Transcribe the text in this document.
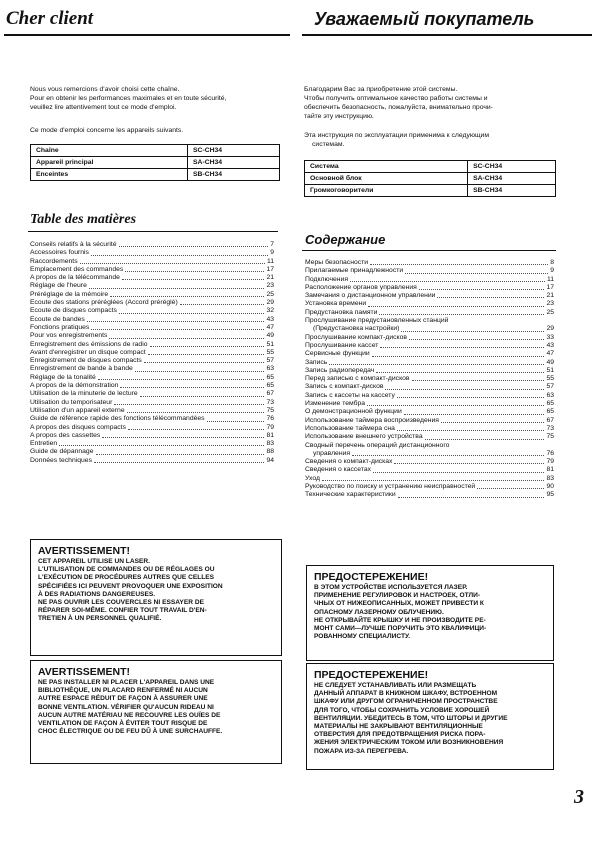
Cher client
Nous vous remercions d'avoir choisi cette chaîne.
Pour en obtenir les performances maximales et en toute sécurité,
veuillez lire attentivement tout ce mode d'emploi.
Ce mode d'emploi concerne les appareils suivants.
Chaîne	SC-CH34
Appareil principal	SA-CH34
Enceintes	SB-CH34
Table des matières
Conseils relatifs à la sécurité	7
Accessoires fournis	9
Raccordements	11
Emplacement des commandes	17
A propos de la télécommande	21
Réglage de l'heure	23
Préréglage de la mémoire	25
Ecoute des stations préréglées (Accord préréglé)	29
Ecoute de disques compacts	32
Ecoute de bandes	43
Fonctions pratiques	47
Pour vos enregistrements	49
Enregistrement des émissions de radio	51
Avant d'enregistrer un disque compact	55
Enregistrement de disques compacts	57
Enregistrement de bande à bande	63
Réglage de la tonalité	65
A propos de la démonstration	65
Utilisation de la minuterie de lecture	67
Utilisation du temporisateur	73
Utilisation d'un appareil externe	75
Guide de référence rapide des fonctions télécommandées	76
A propos des disques compacts	79
A propos des cassettes	81
Entretien	83
Guide de dépannage	88
Données techniques	94
AVERTISSEMENT!
CET APPAREIL UTILISE UN LASER.
L'UTILISATION DE COMMANDES OU DE RÉGLAGES OU
L'EXÉCUTION DE PROCÉDURES AUTRES QUE CELLES
SPÉCIFIÉES ICI PEUVENT PROVOQUER UNE EXPOSITION
À DES RADIATIONS DANGEREUSES.
NE PAS OUVRIR LES COUVERCLES NI ESSAYER DE
RÉPARER SOI-MÊME. CONFIER TOUT TRAVAIL D'EN-
TRETIEN À UN PERSONNEL QUALIFIÉ.
AVERTISSEMENT!
NE PAS INSTALLER NI PLACER L'APPAREIL DANS UNE
BIBLIOTHÈQUE, UN PLACARD RENFERMÉ NI AUCUN
AUTRE ESPACE RÉDUIT DE FAÇON À ASSURER UNE
BONNE VENTILATION. VÉRIFIER QU'AUCUN RIDEAU NI
AUCUN AUTRE MATÉRIAU NE RECOUVRE LES OUÏES DE
VENTILATION DE FAÇON À ÉVITER TOUT RISQUE DE
CHOC ÉLECTRIQUE OU DE FEU DÛ À UNE SURCHAUFFE.
Уважаемый покупатель
Благодарим Вас за приобретение этой системы.
Чтобы получить оптимальное качество работы системы и
обеспечить безопасность, пожалуйста, внимательно прочи-
тайте эту инструкцию.
Эта инструкция по эксплуатации применима к следующим
системам.
Система	SC-CH34
Основной блок	SA-CH34
Громкоговорители	SB-CH34
Содержание
Меры безопасности	8
Прилагаемые принадлежности	9
Подключения	11
Расположение органов управления	17
Замечания о дистанционном управлении	21
Установка времени	23
Предустановка памяти	25
Прослушивание предустановленных станций
(Предустановка настройки)	29
Прослушивание компакт-дисков	33
Прослушивание кассет	43
Сервисные функции	47
Запись	49
Запись радиопередач	51
Перед записью с компакт-дисков	55
Запись с компакт-дисков	57
Запись с кассеты на кассету	63
Изменение тембра	65
О демонстрационной функции	65
Использование таймера воспроизведения	67
Использование таймера сна	73
Использование внешнего устройства	75
Сводный перечень операций дистанционного
управления	76
Сведения о компакт-дисках	79
Сведения о кассетах	81
Уход	83
Руководство по поиску и устранению неисправностей	90
Технические характеристики	95
ПРЕДОСТЕРЕЖЕНИЕ!
В ЭТОМ УСТРОЙСТВЕ ИСПОЛЬЗУЕТСЯ ЛАЗЕР.
ПРИМЕНЕНИЕ РЕГУЛИРОВОК И НАСТРОЕК, ОТЛИ-
ЧНЫХ ОТ НИЖЕОПИСАННЫХ, МОЖЕТ ПРИВЕСТИ К
ОПАСНОМУ ЛАЗЕРНОМУ ОБЛУЧЕНИЮ.
НЕ ОТКРЫВАЙТЕ КРЫШКУ И НЕ ПРОИЗВОДИТЕ РЕ-
МОНТ САМИ—ЛУЧШЕ ПОРУЧИТЬ ЭТО КВАЛИФИЦИ-
РОВАННОМУ СПЕЦИАЛИСТУ.
ПРЕДОСТЕРЕЖЕНИЕ!
НЕ СЛЕДУЕТ УСТАНАВЛИВАТЬ ИЛИ РАЗМЕЩАТЬ
ДАННЫЙ АППАРАТ В КНИЖНОМ ШКАФУ, ВСТРОЕННОМ
ШКАФУ ИЛИ ДРУГОМ ОГРАНИЧЕННОМ ПРОСТРАНСТВЕ
ДЛЯ ТОГО, ЧТОБЫ СОХРАНИТЬ УСЛОВИЕ ХОРОШЕЙ
ВЕНТИЛЯЦИИ. УБЕДИТЕСЬ В ТОМ, ЧТО ШТОРЫ И ДРУГИЕ
МАТЕРИАЛЫ НЕ ЗАКРЫВАЮТ ВЕНТИЛЯЦИОННЫЕ
ОТВЕРСТИЯ ДЛЯ ПРЕДОТВРАЩЕНИЯ РИСКА ПОРА-
ЖЕНИЯ ЭЛЕКТРИЧЕСКИМ ТОКОМ ИЛИ ВОЗНИКНОВЕНИЯ
ПОЖАРА ИЗ-ЗА ПЕРЕГРЕВА.
3
